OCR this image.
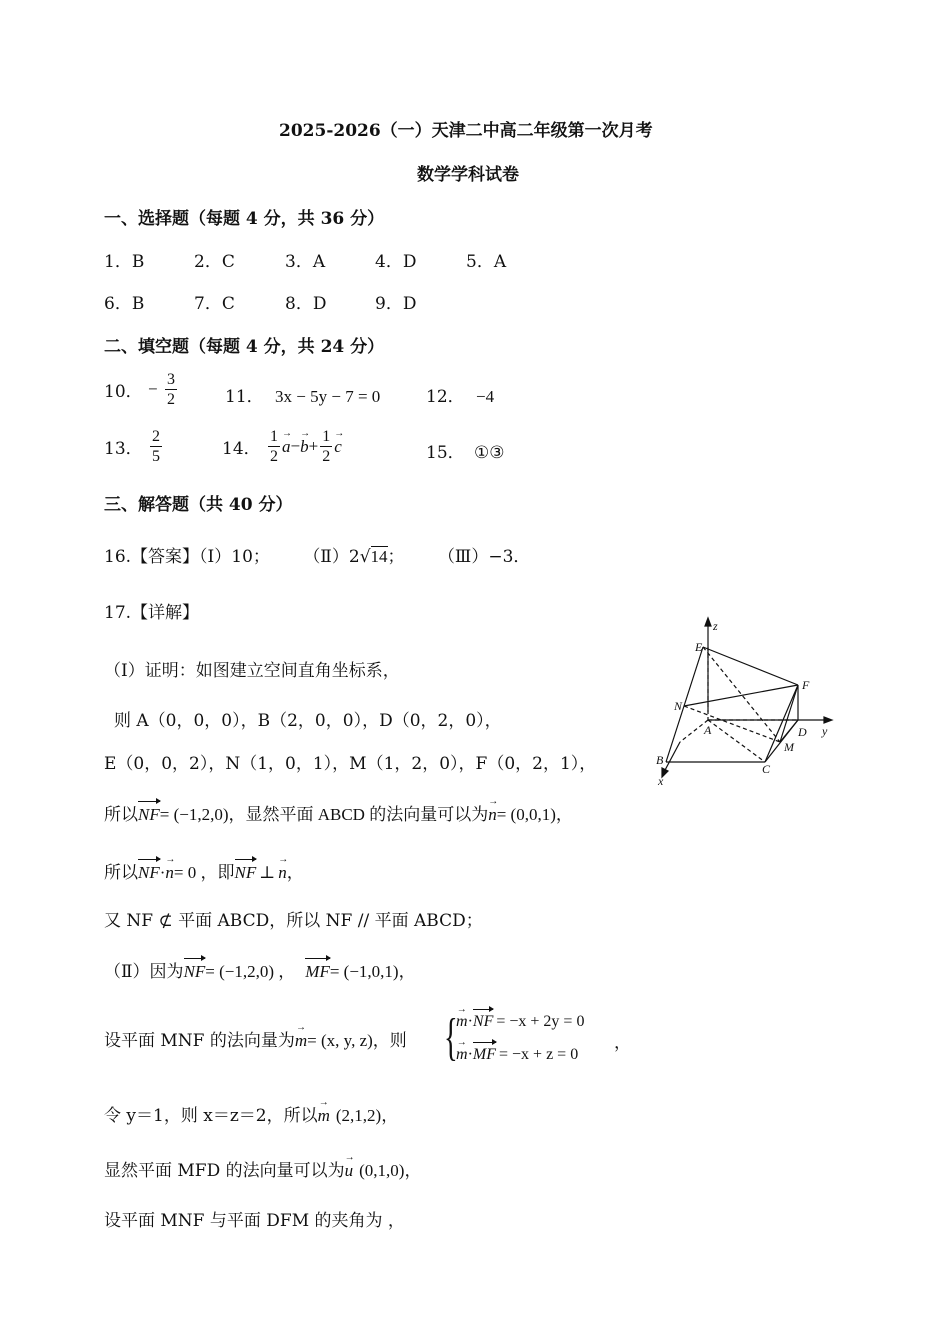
2025-2026（一）天津二中高二年级第一次月考
数学学科试卷
一、选择题（每题 4 分，共 36 分）
1．B	2．C	3．A	4．D	5．A
6．B	7．C	8．D	9．D
二、填空题（每题 4 分，共 24 分）
10． − $\frac{3}{2}$	11． 3x − 5y − 7 = 0	12． −4
13． $\frac{2}{5}$	14． $\frac{1}{2}$ →
a−
→
$b+ \frac{1}{2}$ →
c	15． ①③
三、解答题（共 40 分）
16.【答案】（Ⅰ）10； （Ⅱ）2√14； （Ⅲ）−3．
17.【详解】
（Ⅰ）证明：如图建立空间直角坐标系，
则 A（0，0，0），B（2，0，0），D（0，2，0），
E（0，0，2），N（1，0，1），M（1，2，0），F（0，2，1），
所以
NF= (−1,2,0)，显然平面 ABCD 的法向量可以为
→
n= (0,0,1)，
所以
NF·
→
n= 0 ，即
NF ⊥
→
n，
又 NF ⊄ 平面 ABCD，所以 NF // 平面 ABCD；
（Ⅱ）因为
NF= (−1,2,0) ， MF= (−1,0,1)，
设平面 MNF 的法向量为
→
m= (x, y, z)，则 { →
m·
NF = −x + 2y = 0
→
m·
MF = −x + z = 0
，
令 y＝1，则 x＝z＝2，所以
→
m (2,1,2)，
显然平面 MFD 的法向量可以为
→
u (0,1,0)，
设平面 MNF 与平面 DFM 的夹角为 ，
z
E
F
N
A	D y
M
B
C
x
